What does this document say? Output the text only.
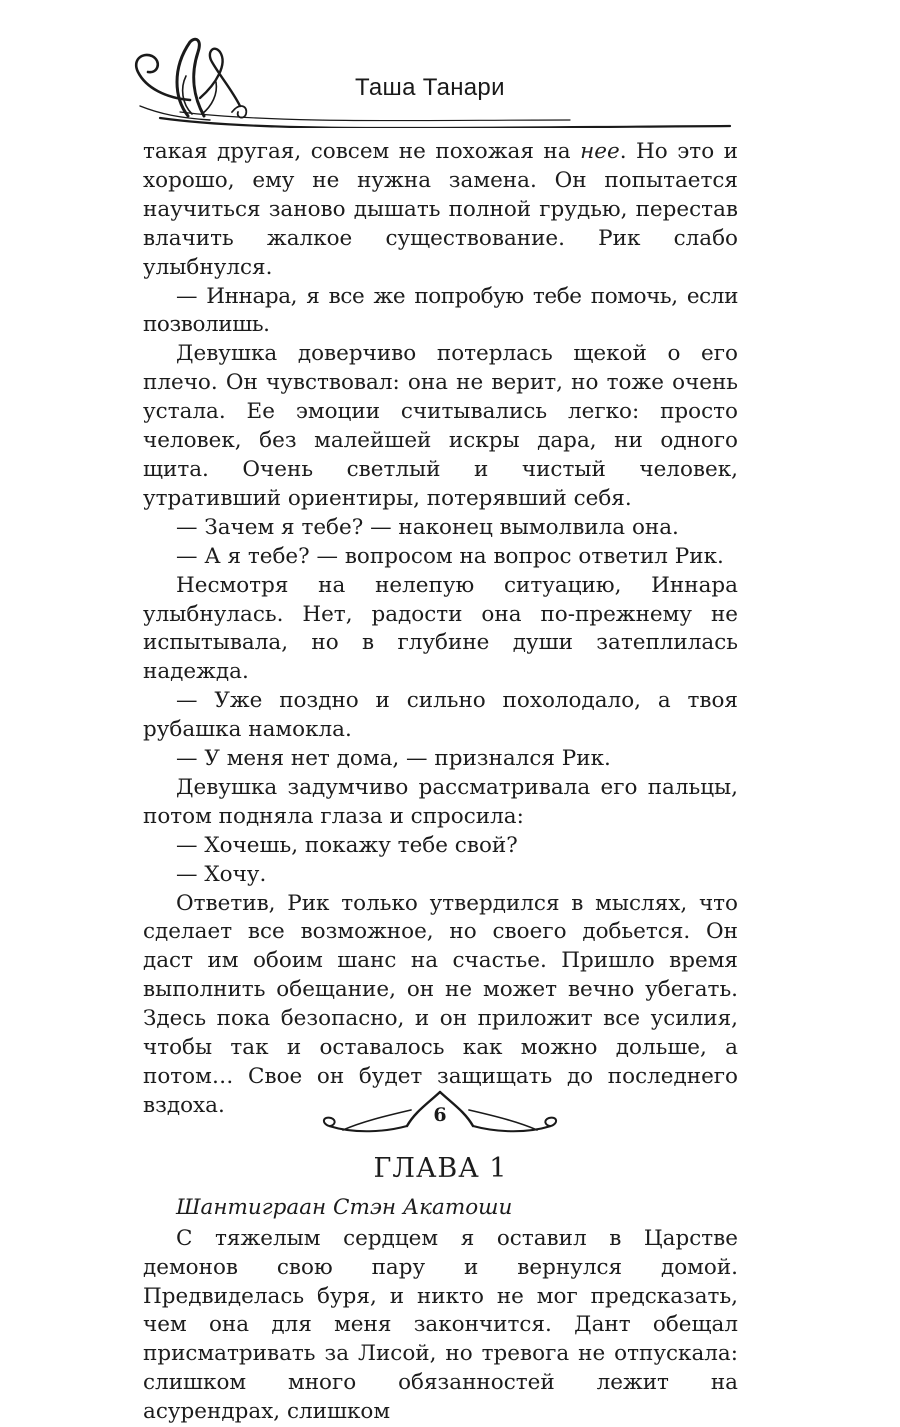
Таша Танари

такая другая, совсем не похожая на нее. Но это и хорошо, ему не нужна замена. Он попытается научиться заново дышать полной грудью, перестав влачить жалкое существование. Рик слабо улыбнулся.

— Иннара, я все же попробую тебе помочь, если позволишь.

Девушка доверчиво потерлась щекой о его плечо. Он чувствовал: она не верит, но тоже очень устала. Ее эмоции считывались легко: просто человек, без малейшей искры дара, ни одного щита. Очень светлый и чистый человек, утративший ориентиры, потерявший себя.

— Зачем я тебе? — наконец вымолвила она.

— А я тебе? — вопросом на вопрос ответил Рик.

Несмотря на нелепую ситуацию, Иннара улыбнулась. Нет, радости она по-прежнему не испытывала, но в глубине души затеплилась надежда.

— Уже поздно и сильно похолодало, а твоя рубашка намокла.

— У меня нет дома, — признался Рик.

Девушка задумчиво рассматривала его пальцы, потом подняла глаза и спросила:

— Хочешь, покажу тебе свой?

— Хочу.

Ответив, Рик только утвердился в мыслях, что сделает все возможное, но своего добьется. Он даст им обоим шанс на счастье. Пришло время выполнить обещание, он не может вечно убегать. Здесь пока безопасно, и он приложит все усилия, чтобы так и оставалось как можно дольше, а потом… Свое он будет защищать до последнего вздоха.

ГЛАВА 1
Шантиграан Стэн Акатоши

С тяжелым сердцем я оставил в Царстве демонов свою пару и вернулся домой. Предвиделась буря, и никто не мог предсказать, чем она для меня закончится. Дант обещал присматривать за Лисой, но тревога не отпускала: слишком много обязанностей лежит на асурендрах, слишком

6
